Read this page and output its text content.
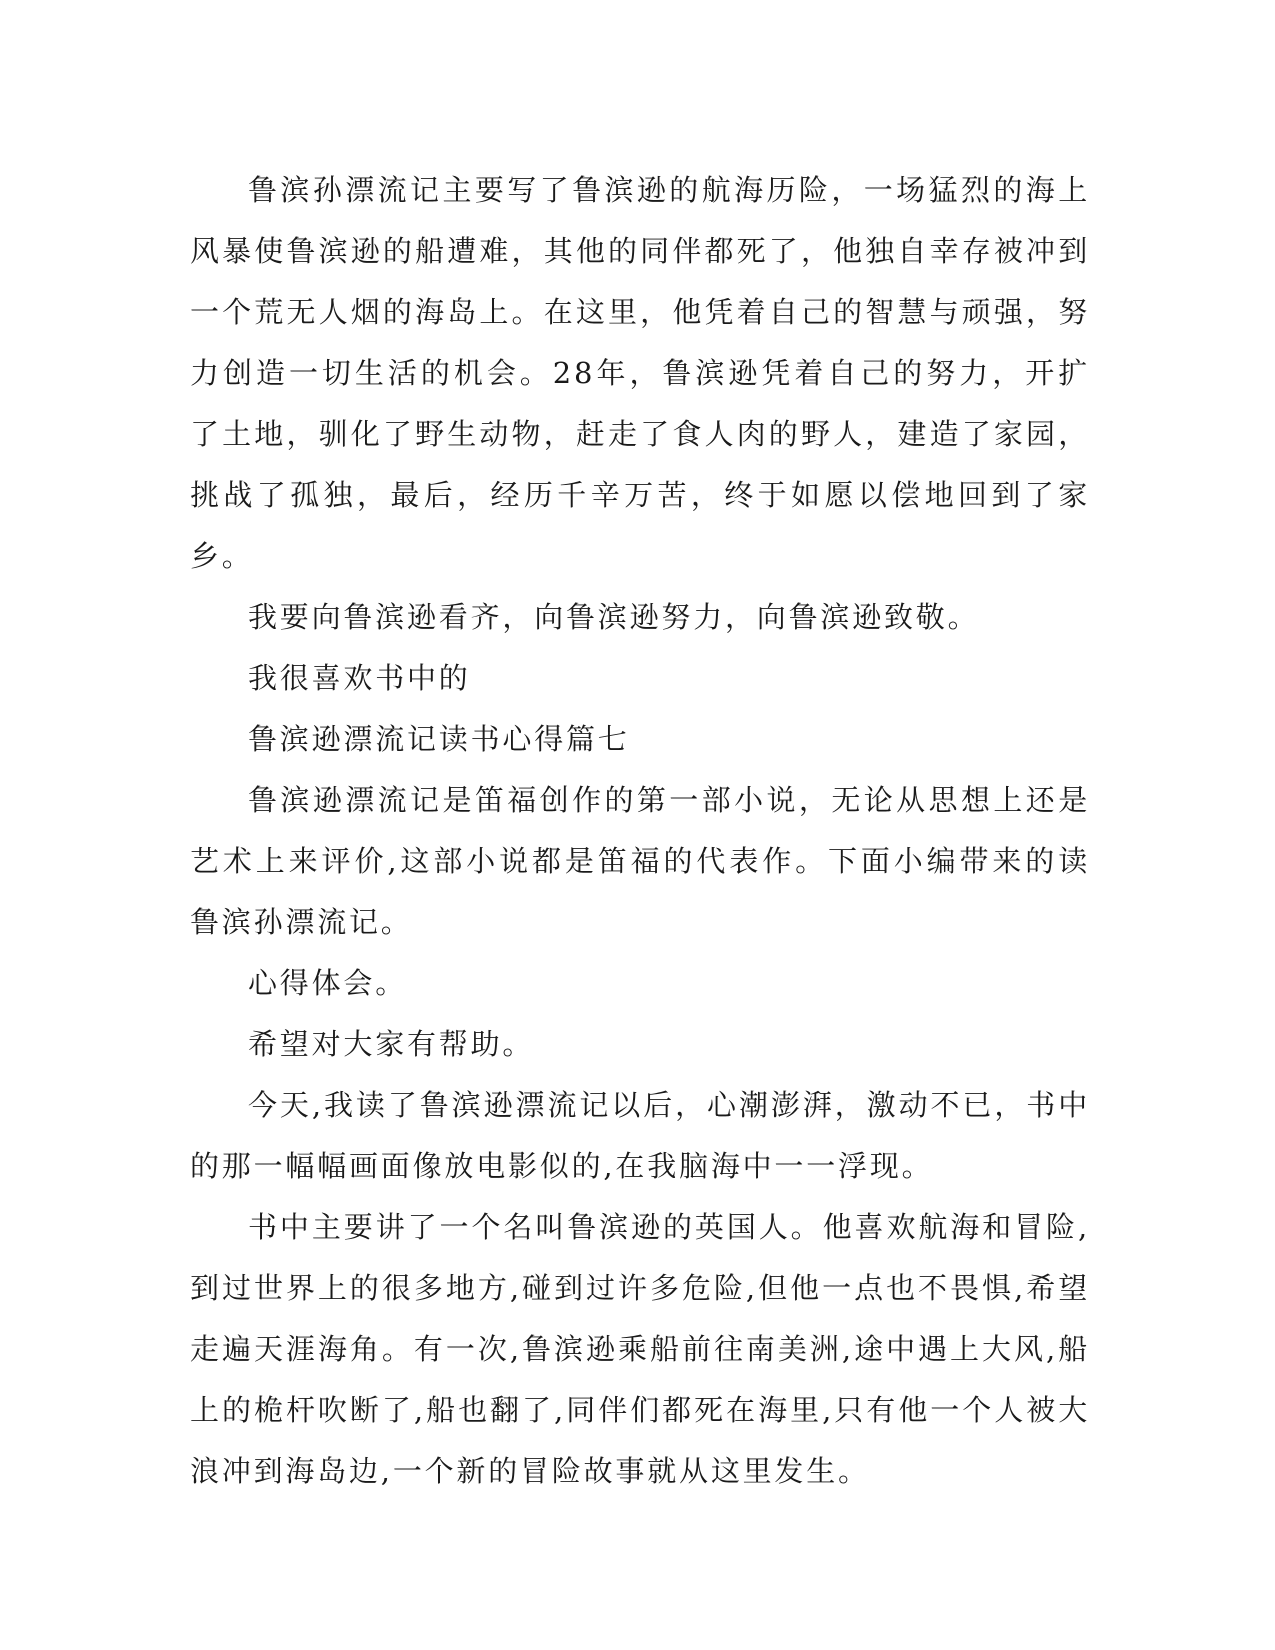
鲁滨孙漂流记主要写了鲁滨逊的航海历险，一场猛烈的海上风暴使鲁滨逊的船遭难，其他的同伴都死了，他独自幸存被冲到一个荒无人烟的海岛上。在这里，他凭着自己的智慧与顽强，努力创造一切生活的机会。28年，鲁滨逊凭着自己的努力，开扩了土地，驯化了野生动物，赶走了食人肉的野人，建造了家园，挑战了孤独，最后，经历千辛万苦，终于如愿以偿地回到了家乡。

我要向鲁滨逊看齐，向鲁滨逊努力，向鲁滨逊致敬。

我很喜欢书中的

鲁滨逊漂流记读书心得篇七

鲁滨逊漂流记是笛福创作的第一部小说，无论从思想上还是艺术上来评价,这部小说都是笛福的代表作。下面小编带来的读鲁滨孙漂流记。

心得体会。

希望对大家有帮助。

今天,我读了鲁滨逊漂流记以后，心潮澎湃，激动不已，书中的那一幅幅画面像放电影似的,在我脑海中一一浮现。

书中主要讲了一个名叫鲁滨逊的英国人。他喜欢航海和冒险,到过世界上的很多地方,碰到过许多危险,但他一点也不畏惧,希望走遍天涯海角。有一次,鲁滨逊乘船前往南美洲,途中遇上大风,船上的桅杆吹断了,船也翻了,同伴们都死在海里,只有他一个人被大浪冲到海岛边,一个新的冒险故事就从这里发生。
